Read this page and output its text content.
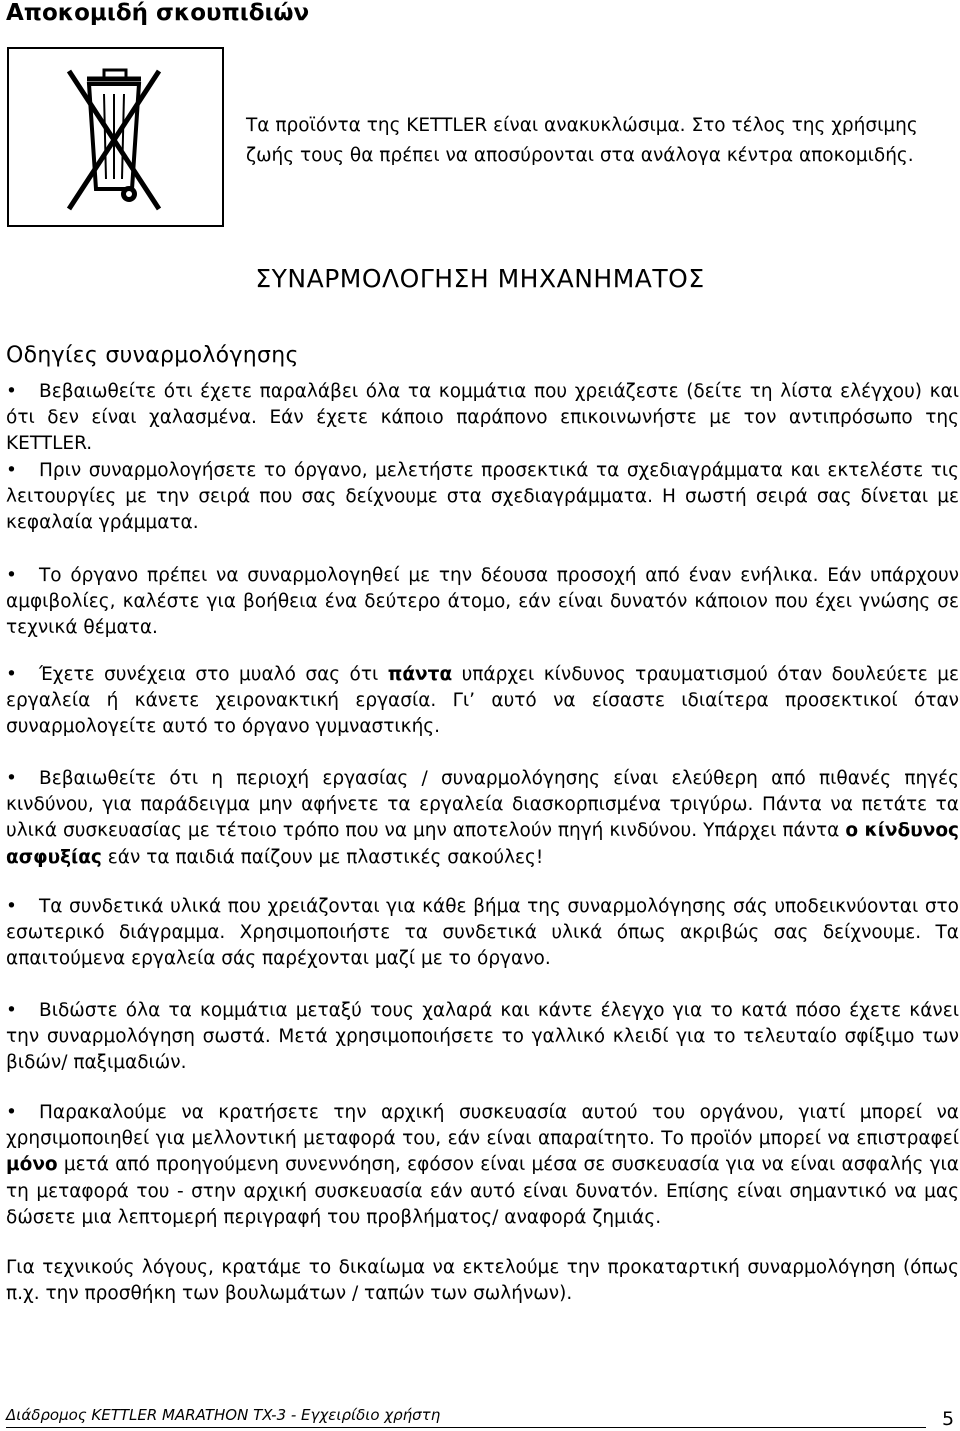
Αποκομιδή σκουπιδιών
Τα προϊόντα της KETTLER είναι ανακυκλώσιμα. Στο τέλος της χρήσιμης ζωής τους θα πρέπει να αποσύρονται στα ανάλογα κέντρα αποκομιδής.
ΣΥΝΑΡΜΟΛΟΓΗΣΗ ΜΗΧΑΝΗΜΑΤΟΣ
Οδηγίες συναρμολόγησης
•	Βεβαιωθείτε ότι έχετε παραλάβει όλα τα κομμάτια που χρειάζεστε (δείτε τη λίστα ελέγχου) και ότι δεν είναι χαλασμένα. Εάν έχετε κάποιο παράπονο επικοινωνήστε με τον αντιπρόσωπο της KETTLER.
•	Πριν συναρμολογήσετε το όργανο, μελετήστε προσεκτικά τα σχεδιαγράμματα και εκτελέστε τις λειτουργίες με την σειρά που σας δείχνουμε στα σχεδιαγράμματα. Η σωστή σειρά σας δίνεται με κεφαλαία γράμματα.
•	Το όργανο πρέπει να συναρμολογηθεί με την δέουσα προσοχή από έναν ενήλικα. Εάν υπάρχουν αμφιβολίες, καλέστε για βοήθεια ένα δεύτερο άτομο, εάν είναι δυνατόν κάποιον που έχει γνώσης σε τεχνικά θέματα.
•	Έχετε συνέχεια στο μυαλό σας ότι πάντα υπάρχει κίνδυνος τραυματισμού όταν δουλεύετε με εργαλεία ή κάνετε χειρονακτική εργασία. Γι’ αυτό να είσαστε ιδιαίτερα προσεκτικοί όταν συναρμολογείτε αυτό το όργανο γυμναστικής.
•	Βεβαιωθείτε ότι η περιοχή εργασίας / συναρμολόγησης είναι ελεύθερη από πιθανές πηγές κινδύνου, για παράδειγμα μην αφήνετε τα εργαλεία διασκορπισμένα τριγύρω. Πάντα να πετάτε τα υλικά συσκευασίας με τέτοιο τρόπο που να μην αποτελούν πηγή κινδύνου. Υπάρχει πάντα ο κίνδυνος ασφυξίας εάν τα παιδιά παίζουν με πλαστικές σακούλες!
•	Τα συνδετικά υλικά που χρειάζονται για κάθε βήμα της συναρμολόγησης σάς υποδεικνύονται στο εσωτερικό διάγραμμα. Χρησιμοποιήστε τα συνδετικά υλικά όπως ακριβώς σας δείχνουμε. Τα απαιτούμενα εργαλεία σάς παρέχονται μαζί με το όργανο.
•	Βιδώστε όλα τα κομμάτια μεταξύ τους χαλαρά και κάντε έλεγχο για το κατά πόσο έχετε κάνει την συναρμολόγηση σωστά. Μετά χρησιμοποιήσετε το γαλλικό κλειδί για το τελευταίο σφίξιμο των βιδών/ παξιμαδιών.
•	Παρακαλούμε να κρατήσετε την αρχική συσκευασία αυτού του οργάνου, γιατί μπορεί να χρησιμοποιηθεί για μελλοντική μεταφορά του, εάν είναι απαραίτητο. Το προϊόν μπορεί να επιστραφεί μόνο μετά από προηγούμενη συνεννόηση, εφόσον είναι μέσα σε συσκευασία για να είναι ασφαλής για τη μεταφορά του - στην αρχική συσκευασία εάν αυτό είναι δυνατόν. Επίσης είναι σημαντικό να μας δώσετε μια λεπτομερή περιγραφή του προβλήματος/ αναφορά ζημιάς.
Για τεχνικούς λόγους, κρατάμε το δικαίωμα να εκτελούμε την προκαταρτική συναρμολόγηση (όπως π.χ. την προσθήκη των βουλωμάτων / ταπών των σωλήνων).
Διάδρομος KETTLER MARATHON TX-3 - Εγχειρίδιο χρήστη	5
